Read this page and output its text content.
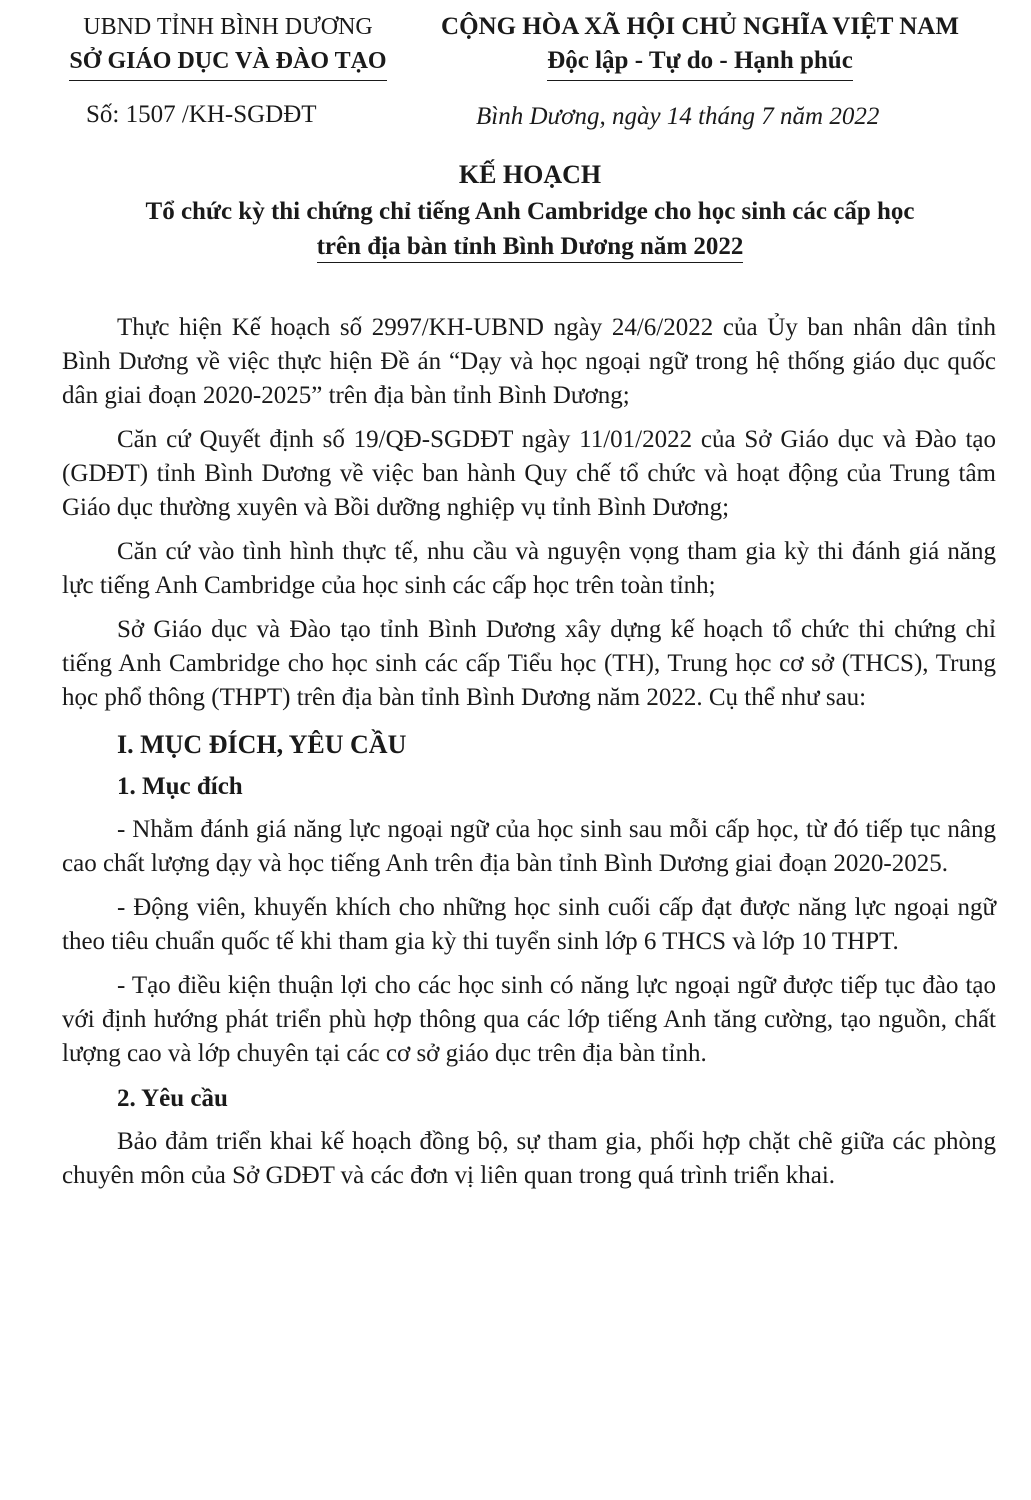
UBND TỈNH BÌNH DƯƠNG
SỞ GIÁO DỤC VÀ ĐÀO TẠO
CỘNG HÒA XÃ HỘI CHỦ NGHĨA VIỆT NAM
Độc lập - Tự do - Hạnh phúc
Số: 1507 /KH-SGDĐT	Bình Dương, ngày 14 tháng 7 năm 2022
KẾ HOẠCH
Tổ chức kỳ thi chứng chỉ tiếng Anh Cambridge cho học sinh các cấp học
trên địa bàn tỉnh Bình Dương năm 2022

Thực hiện Kế hoạch số 2997/KH-UBND ngày 24/6/2022 của Ủy ban nhân dân tỉnh Bình Dương về việc thực hiện Đề án “Dạy và học ngoại ngữ trong hệ thống giáo dục quốc dân giai đoạn 2020-2025” trên địa bàn tỉnh Bình Dương;

Căn cứ Quyết định số 19/QĐ-SGDĐT ngày 11/01/2022 của Sở Giáo dục và Đào tạo (GDĐT) tỉnh Bình Dương về việc ban hành Quy chế tổ chức và hoạt động của Trung tâm Giáo dục thường xuyên và Bồi dưỡng nghiệp vụ tỉnh Bình Dương;

Căn cứ vào tình hình thực tế, nhu cầu và nguyện vọng tham gia kỳ thi đánh giá năng lực tiếng Anh Cambridge của học sinh các cấp học trên toàn tỉnh;

Sở Giáo dục và Đào tạo tỉnh Bình Dương xây dựng kế hoạch tổ chức thi chứng chỉ tiếng Anh Cambridge cho học sinh các cấp Tiểu học (TH), Trung học cơ sở (THCS), Trung học phổ thông (THPT) trên địa bàn tỉnh Bình Dương năm 2022. Cụ thể như sau:

I. MỤC ĐÍCH, YÊU CẦU
1. Mục đích

- Nhằm đánh giá năng lực ngoại ngữ của học sinh sau mỗi cấp học, từ đó tiếp tục nâng cao chất lượng dạy và học tiếng Anh trên địa bàn tỉnh Bình Dương giai đoạn 2020-2025.

- Động viên, khuyến khích cho những học sinh cuối cấp đạt được năng lực ngoại ngữ theo tiêu chuẩn quốc tế khi tham gia kỳ thi tuyển sinh lớp 6 THCS và lớp 10 THPT.

- Tạo điều kiện thuận lợi cho các học sinh có năng lực ngoại ngữ được tiếp tục đào tạo với định hướng phát triển phù hợp thông qua các lớp tiếng Anh tăng cường, tạo nguồn, chất lượng cao và lớp chuyên tại các cơ sở giáo dục trên địa bàn tỉnh.

2. Yêu cầu

Bảo đảm triển khai kế hoạch đồng bộ, sự tham gia, phối hợp chặt chẽ giữa các phòng chuyên môn của Sở GDĐT và các đơn vị liên quan trong quá trình triển khai.
